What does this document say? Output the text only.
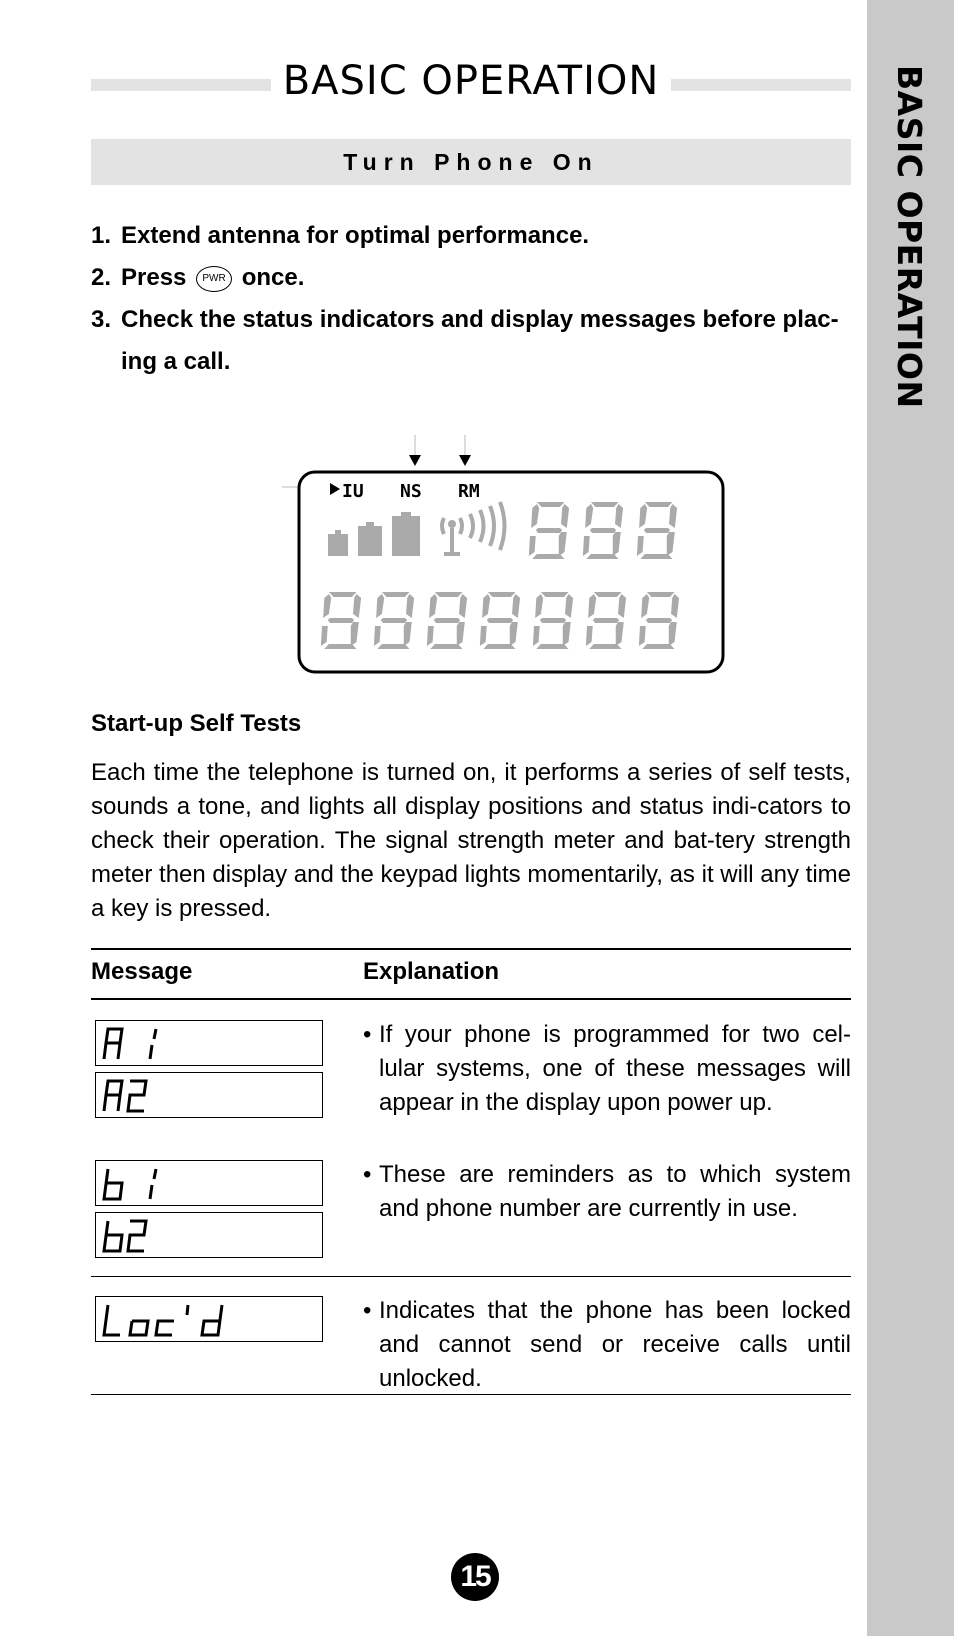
BASIC OPERATION
BASIC OPERATION
Turn Phone On
1. Extend antenna for optimal performance.
2. Press PWR once.
3. Check the status indicators and display messages before plac-ing a call.
IU NS RM
Start-up Self Tests
Each time the telephone is turned on, it performs a series of self tests, sounds a tone, and lights all display positions and status indi-cators to check their operation. The signal strength meter and bat-tery strength meter then display and the keypad lights momentarily, as it will any time a key is pressed.
Message	Explanation
• If your phone is programmed for two cel-lular systems, one of these messages will appear in the display upon power up.
• These are reminders as to which system and phone number are currently in use.
• Indicates that the phone has been locked and cannot send or receive calls until unlocked.
15
